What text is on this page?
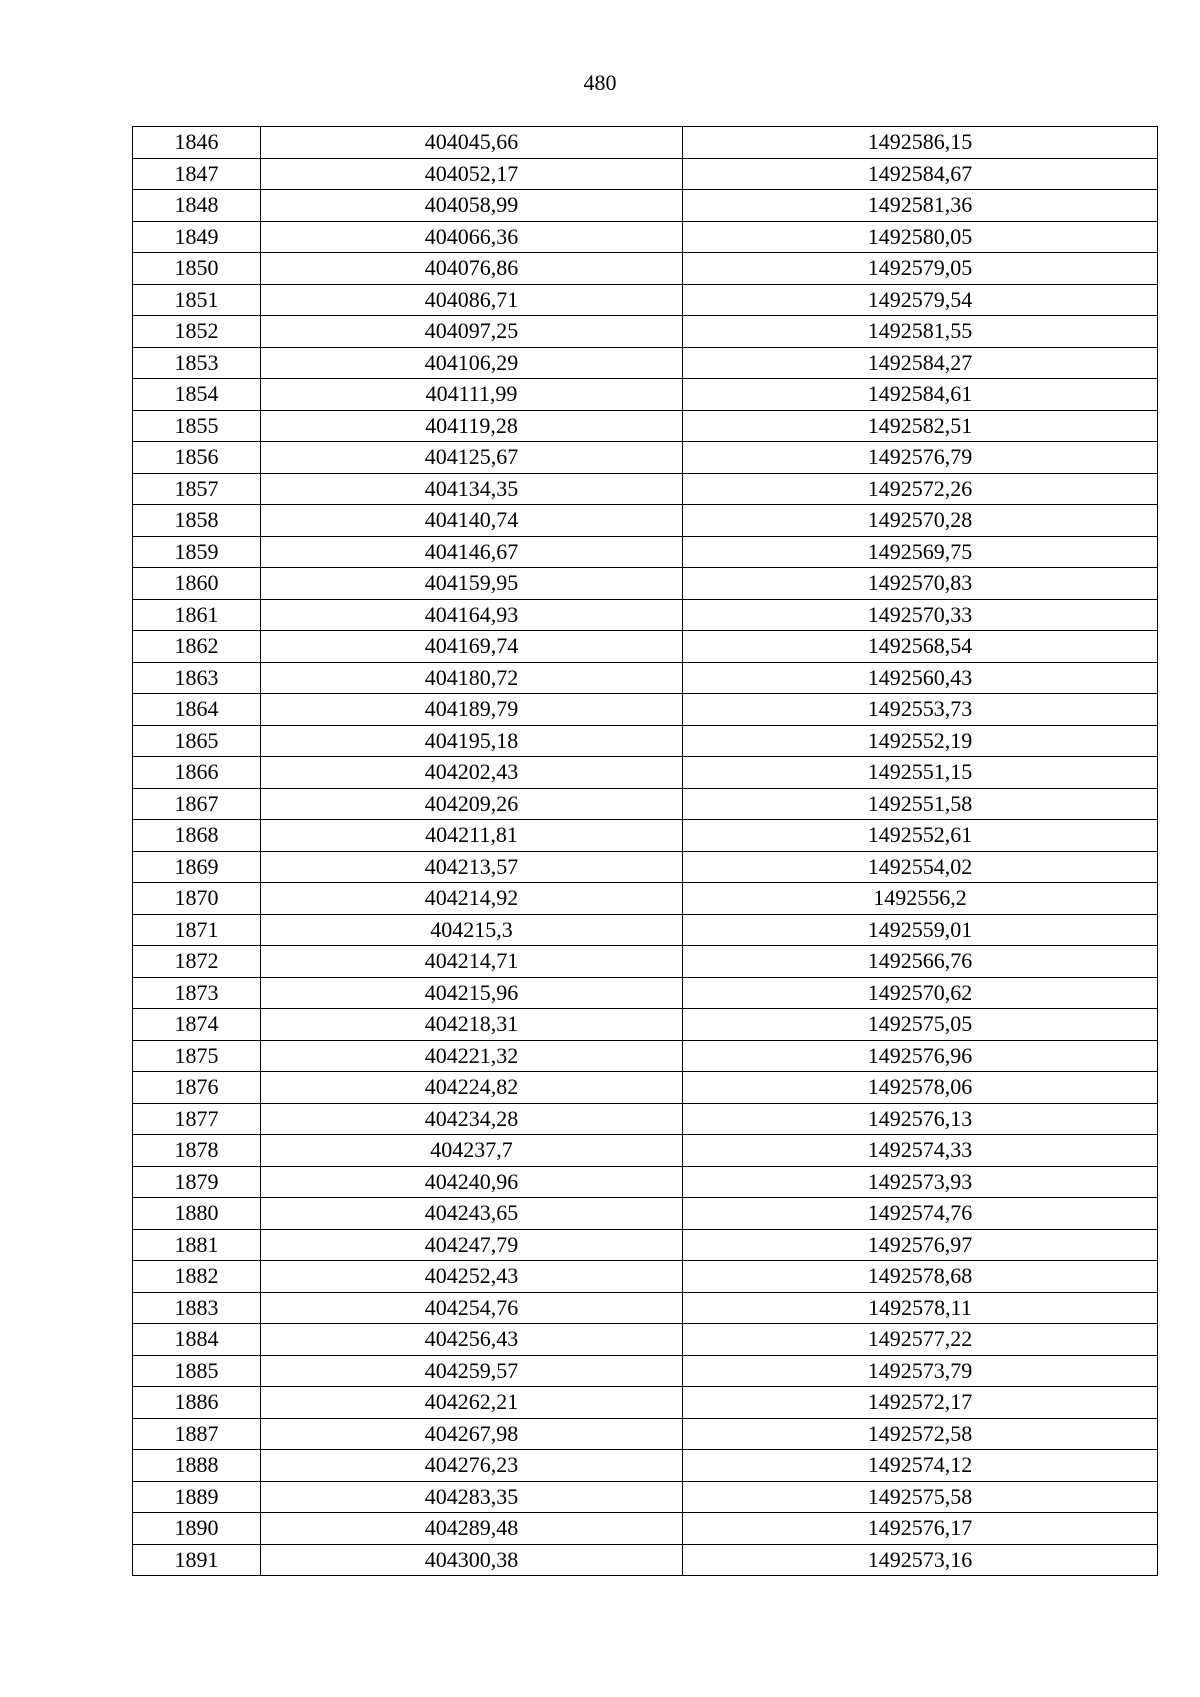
480
1846	404045,66	1492586,15
1847	404052,17	1492584,67
1848	404058,99	1492581,36
1849	404066,36	1492580,05
1850	404076,86	1492579,05
1851	404086,71	1492579,54
1852	404097,25	1492581,55
1853	404106,29	1492584,27
1854	404111,99	1492584,61
1855	404119,28	1492582,51
1856	404125,67	1492576,79
1857	404134,35	1492572,26
1858	404140,74	1492570,28
1859	404146,67	1492569,75
1860	404159,95	1492570,83
1861	404164,93	1492570,33
1862	404169,74	1492568,54
1863	404180,72	1492560,43
1864	404189,79	1492553,73
1865	404195,18	1492552,19
1866	404202,43	1492551,15
1867	404209,26	1492551,58
1868	404211,81	1492552,61
1869	404213,57	1492554,02
1870	404214,92	1492556,2
1871	404215,3	1492559,01
1872	404214,71	1492566,76
1873	404215,96	1492570,62
1874	404218,31	1492575,05
1875	404221,32	1492576,96
1876	404224,82	1492578,06
1877	404234,28	1492576,13
1878	404237,7	1492574,33
1879	404240,96	1492573,93
1880	404243,65	1492574,76
1881	404247,79	1492576,97
1882	404252,43	1492578,68
1883	404254,76	1492578,11
1884	404256,43	1492577,22
1885	404259,57	1492573,79
1886	404262,21	1492572,17
1887	404267,98	1492572,58
1888	404276,23	1492574,12
1889	404283,35	1492575,58
1890	404289,48	1492576,17
1891	404300,38	1492573,16
